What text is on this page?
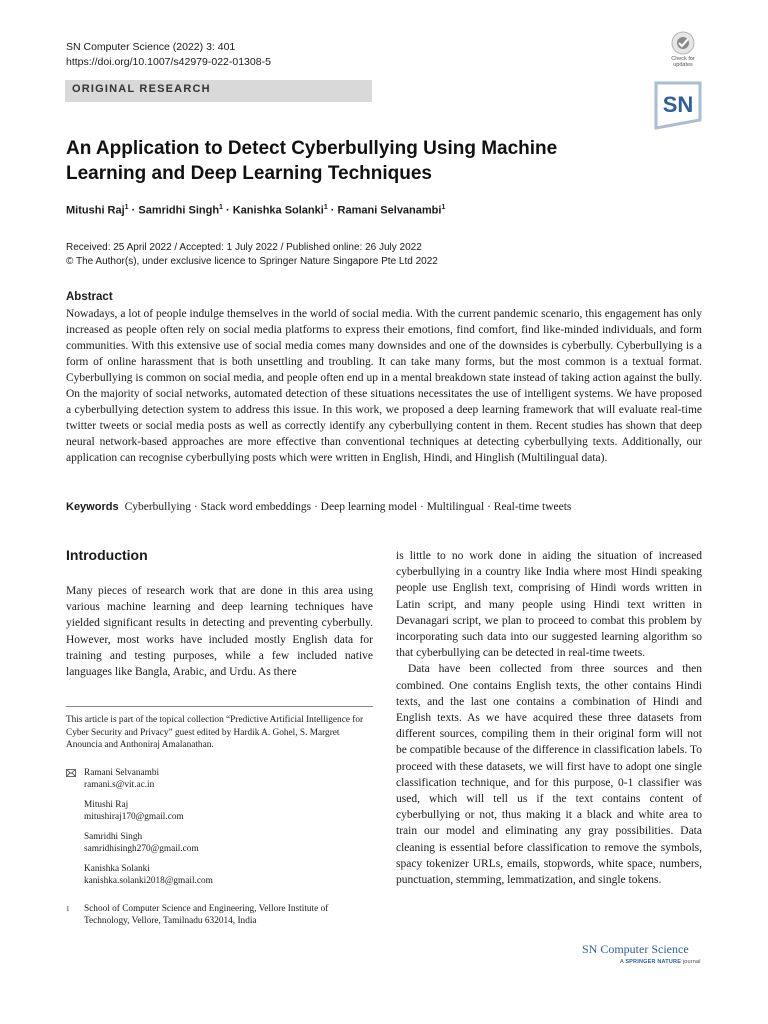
SN Computer Science (2022) 3: 401
https://doi.org/10.1007/s42979-022-01308-5
ORIGINAL RESEARCH
Check for
updates
SN
An Application to Detect Cyberbullying Using Machine Learning and Deep Learning Techniques
Mitushi Raj$^1$ · Samridhi Singh$^1$ · Kanishka Solanki$^1$ · Ramani Selvanambi$^1$
Received: 25 April 2022 / Accepted: 1 July 2022 / Published online: 26 July 2022
© The Author(s), under exclusive licence to Springer Nature Singapore Pte Ltd 2022
Abstract
Nowadays, a lot of people indulge themselves in the world of social media. With the current pandemic scenario, this engagement has only increased as people often rely on social media platforms to express their emotions, find comfort, find like-minded individuals, and form communities. With this extensive use of social media comes many downsides and one of the downsides is cyberbully. Cyberbullying is a form of online harassment that is both unsettling and troubling. It can take many forms, but the most common is a textual format. Cyberbullying is common on social media, and people often end up in a mental breakdown state instead of taking action against the bully. On the majority of social networks, automated detection of these situations necessitates the use of intelligent systems. We have proposed a cyberbullying detection system to address this issue. In this work, we proposed a deep learning framework that will evaluate real-time twitter tweets or social media posts as well as correctly identify any cyberbullying content in them. Recent studies has shown that deep neural network-based approaches are more effective than conventional techniques at detecting cyberbullying texts. Additionally, our application can recognise cyberbullying posts which were written in English, Hindi, and Hinglish (Multilingual data).
Keywords Cyberbullying · Stack word embeddings · Deep learning model · Multilingual · Real-time tweets
Introduction
Many pieces of research work that are done in this area using various machine learning and deep learning techniques have yielded significant results in detecting and preventing cyberbully. However, most works have included mostly English data for training and testing purposes, while a few included native languages like Bangla, Arabic, and Urdu. As there

is little to no work done in aiding the situation of increased cyberbullying in a country like India where most Hindi speaking people use English text, comprising of Hindi words written in Latin script, and many people using Hindi text written in Devanagari script, we plan to proceed to combat this problem by incorporating such data into our suggested learning algorithm so that cyberbullying can be detected in real-time tweets.

Data have been collected from three sources and then combined. One contains English texts, the other contains Hindi texts, and the last one contains a combination of Hindi and English texts. As we have acquired these three datasets from different sources, compiling them in their original form will not be compatible because of the difference in classification labels. To proceed with these datasets, we will first have to adopt one single classification technique, and for this purpose, 0-1 classifier was used, which will tell us if the text contains content of cyberbullying or not, thus making it a black and white area to train our model and eliminating any gray possibilities. Data cleaning is essential before classification to remove the symbols, spacy tokenizer URLs, emails, stopwords, white space, numbers, punctuation, stemming, lemmatization, and single tokens.

This article is part of the topical collection “Predictive Artificial Intelligence for Cyber Security and Privacy” guest edited by Hardik A. Gohel, S. Margret Anouncia and Anthoniraj Amalanathan.
Ramani Selvanambi
ramani.s@vit.ac.in
Mitushi Raj
mitushiraj170@gmail.com
Samridhi Singh
samridhisingh270@gmail.com
Kanishka Solanki
kanishka.solanki2018@gmail.com
1 School of Computer Science and Engineering, Vellore Institute of Technology, Vellore, Tamilnadu 632014, India
SN Computer Science
A SPRINGER NATURE journal
